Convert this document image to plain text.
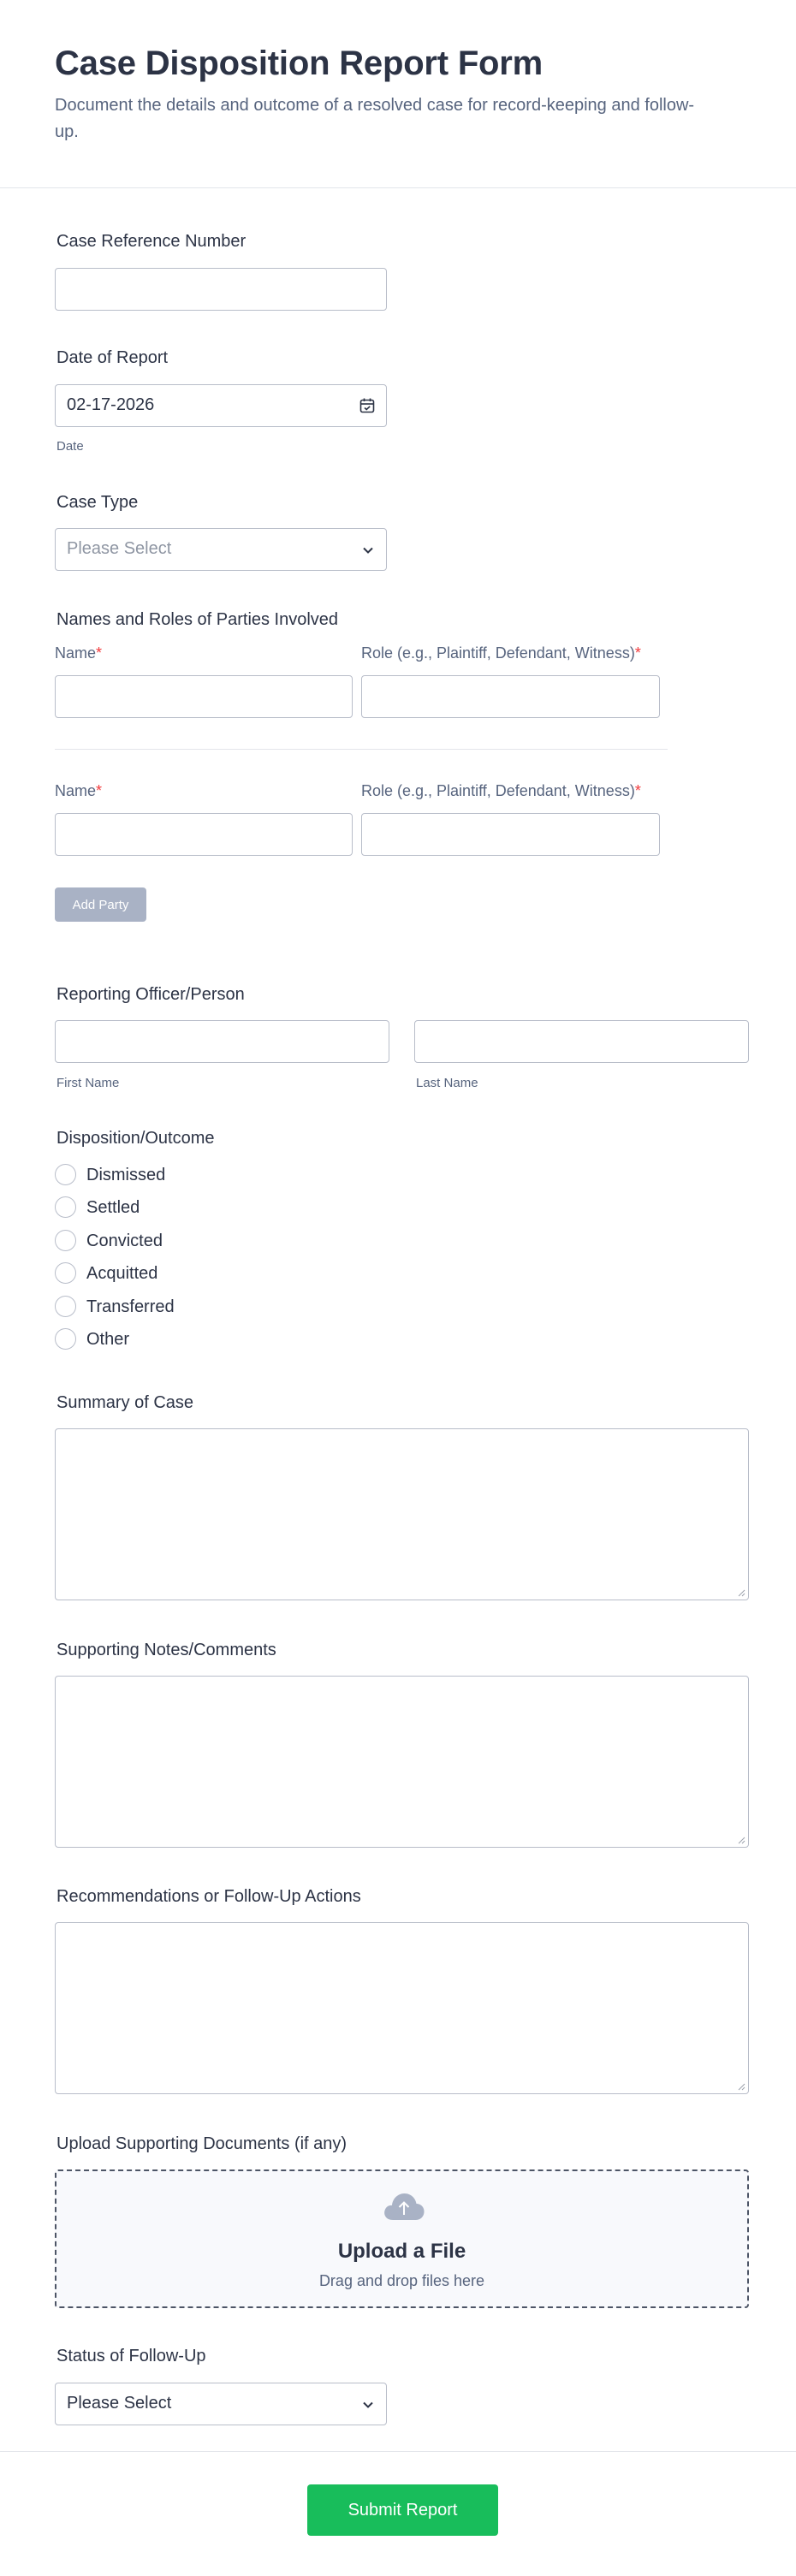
Case Disposition Report Form
Document the details and outcome of a resolved case for record-keeping and follow-up.
Case Reference Number
Date of Report
02-17-2026
Date
Case Type
Please Select
Names and Roles of Parties Involved
Name*	Role (e.g., Plaintiff, Defendant, Witness)*
Name*	Role (e.g., Plaintiff, Defendant, Witness)*
Add Party
Reporting Officer/Person
First Name	Last Name
Disposition/Outcome
Dismissed
Settled
Convicted
Acquitted
Transferred
Other
Summary of Case
Supporting Notes/Comments
Recommendations or Follow-Up Actions
Upload Supporting Documents (if any)
Upload a File
Drag and drop files here
Status of Follow-Up
Please Select
Submit Report
